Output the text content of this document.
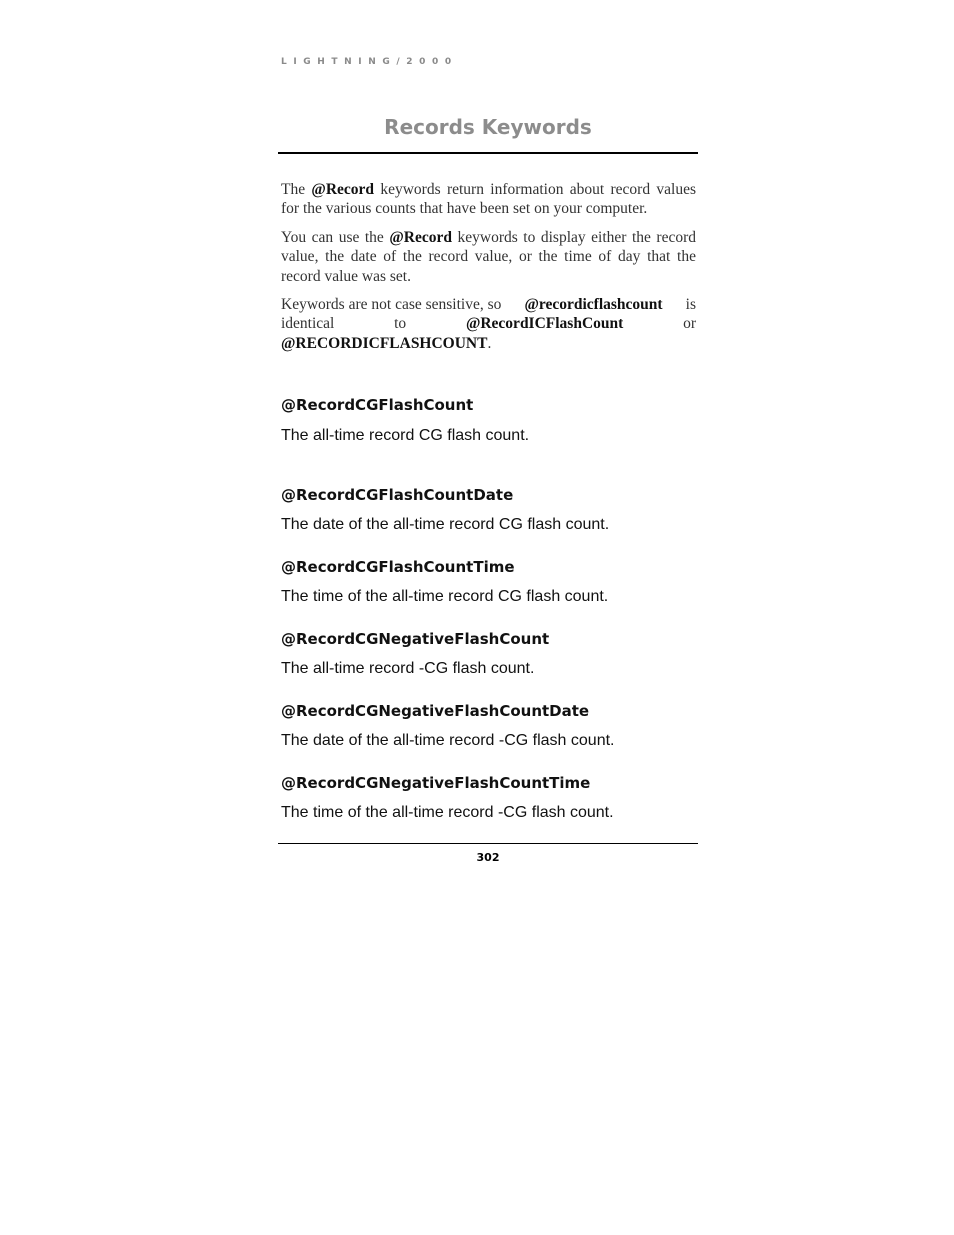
LIGHTNING/2000
Records Keywords

The @Record keywords return information about record values for the various counts that have been set on your computer.

You can use the @Record keywords to display either the record value, the date of the record value, or the time of day that the record value was set.

Keywords are not case sensitive, so @recordicflashcount is
identical	to	@RecordICFlashCount	or
@RECORDICFLASHCOUNT.

@RecordCGFlashCount

The all-time record CG flash count.

@RecordCGFlashCountDate

The date of the all-time record CG flash count.

@RecordCGFlashCountTime

The time of the all-time record CG flash count.

@RecordCGNegativeFlashCount

The all-time record -CG flash count.

@RecordCGNegativeFlashCountDate

The date of the all-time record -CG flash count.

@RecordCGNegativeFlashCountTime

The time of the all-time record -CG flash count.

302
